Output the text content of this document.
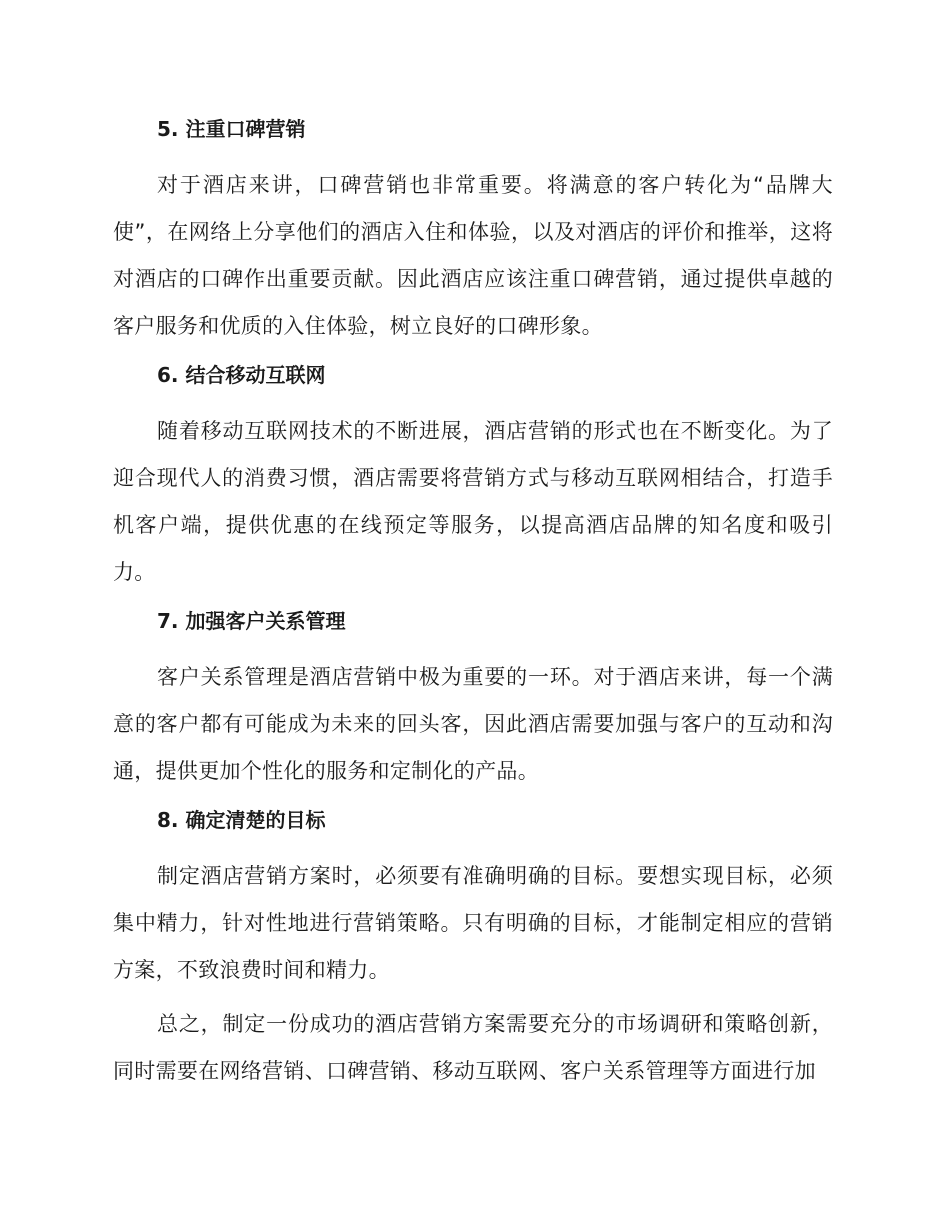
5. 注重口碑营销

对于酒店来讲，口碑营销也非常重要。将满意的客户转化为“品牌大使”，在网络上分享他们的酒店入住和体验，以及对酒店的评价和推举，这将对酒店的口碑作出重要贡献。因此酒店应该注重口碑营销，通过提供卓越的客户服务和优质的入住体验，树立良好的口碑形象。

6. 结合移动互联网

随着移动互联网技术的不断进展，酒店营销的形式也在不断变化。为了迎合现代人的消费习惯，酒店需要将营销方式与移动互联网相结合，打造手机客户端，提供优惠的在线预定等服务，以提高酒店品牌的知名度和吸引力。

7. 加强客户关系管理

客户关系管理是酒店营销中极为重要的一环。对于酒店来讲，每一个满意的客户都有可能成为未来的回头客，因此酒店需要加强与客户的互动和沟通，提供更加个性化的服务和定制化的产品。

8. 确定清楚的目标

制定酒店营销方案时，必须要有准确明确的目标。要想实现目标，必须集中精力，针对性地进行营销策略。只有明确的目标，才能制定相应的营销方案，不致浪费时间和精力。

总之，制定一份成功的酒店营销方案需要充分的市场调研和策略创新，同时需要在网络营销、口碑营销、移动互联网、客户关系管理等方面进行加
